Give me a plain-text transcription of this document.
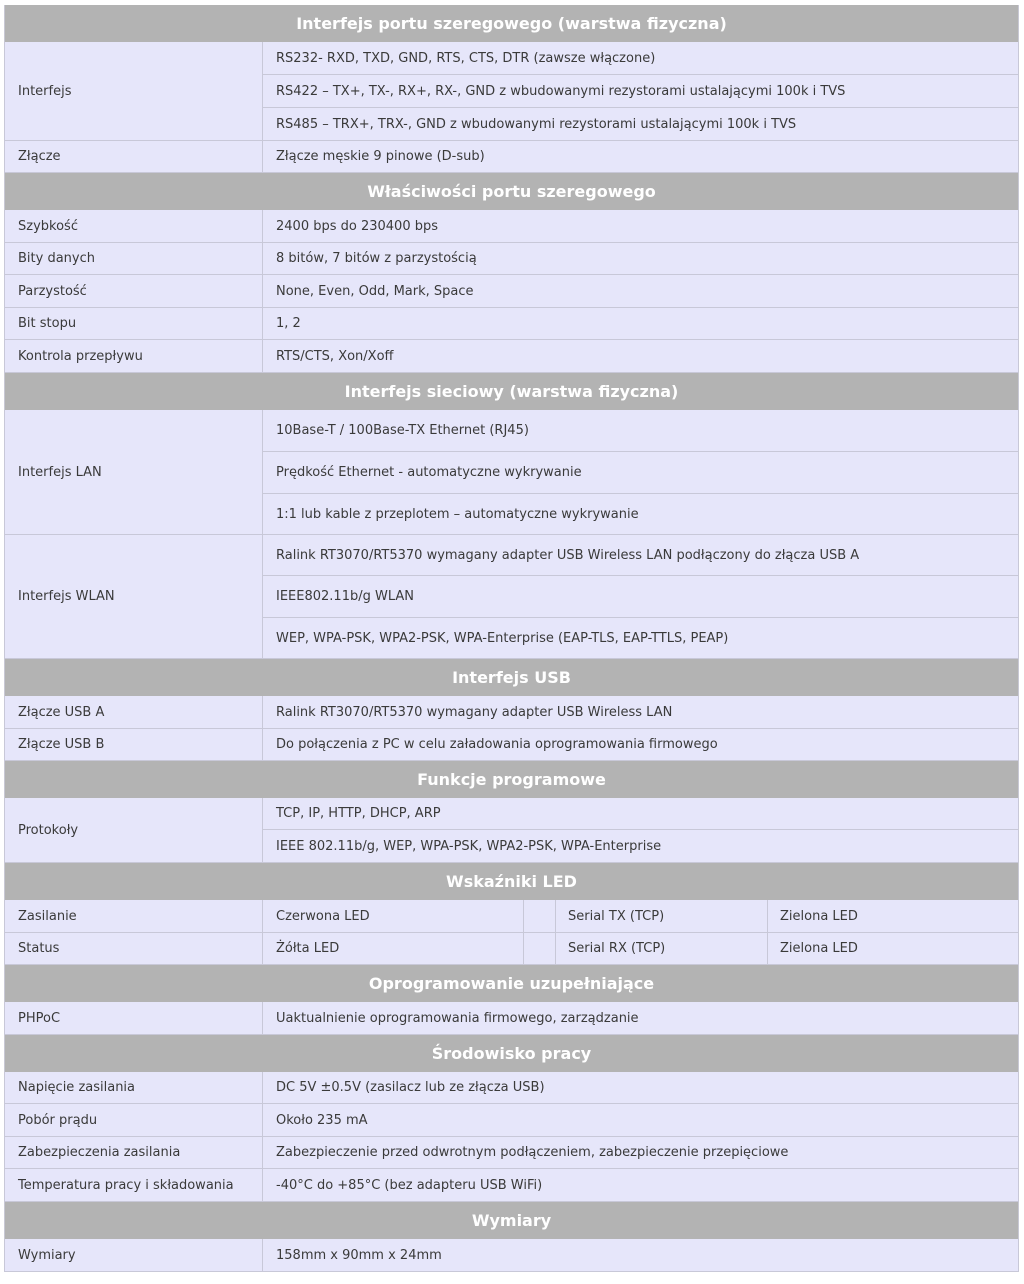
Interfejs portu szeregowego (warstwa fizyczna)
Interfejs
RS232- RXD, TXD, GND, RTS, CTS, DTR (zawsze włączone)
RS422 – TX+, TX-, RX+, RX-, GND z wbudowanymi rezystorami ustalającymi 100k i TVS
RS485 – TRX+, TRX-, GND z wbudowanymi rezystorami ustalającymi 100k i TVS
Złącze	Złącze męskie 9 pinowe (D-sub)
Właściwości portu szeregowego
Szybkość	2400 bps do 230400 bps
Bity danych	8 bitów, 7 bitów z parzystością
Parzystość	None, Even, Odd, Mark, Space
Bit stopu	1, 2
Kontrola przepływu	RTS/CTS, Xon/Xoff
Interfejs sieciowy (warstwa fizyczna)
Interfejs LAN
10Base-T / 100Base-TX Ethernet (RJ45)
Prędkość Ethernet - automatyczne wykrywanie
1:1 lub kable z przeplotem – automatyczne wykrywanie
Interfejs WLAN
Ralink RT3070/RT5370 wymagany adapter USB Wireless LAN podłączony do złącza USB A
IEEE802.11b/g WLAN
WEP, WPA-PSK, WPA2-PSK, WPA-Enterprise (EAP-TLS, EAP-TTLS, PEAP)
Interfejs USB
Złącze USB A	Ralink RT3070/RT5370 wymagany adapter USB Wireless LAN
Złącze USB B	Do połączenia z PC w celu załadowania oprogramowania firmowego
Funkcje programowe
Protokoły
TCP, IP, HTTP, DHCP, ARP
IEEE 802.11b/g, WEP, WPA-PSK, WPA2-PSK, WPA-Enterprise
Wskaźniki LED
Zasilanie	Czerwona LED	Serial TX (TCP)	Zielona LED
Status	Żółta LED	Serial RX (TCP)	Zielona LED
Oprogramowanie uzupełniające
PHPoC	Uaktualnienie oprogramowania firmowego, zarządzanie
Środowisko pracy
Napięcie zasilania	DC 5V ±0.5V (zasilacz lub ze złącza USB)
Pobór prądu	Około 235 mA
Zabezpieczenia zasilania	Zabezpieczenie przed odwrotnym podłączeniem, zabezpieczenie przepięciowe
Temperatura pracy i składowania	-40°C do +85°C (bez adapteru USB WiFi)
Wymiary
Wymiary	158mm x 90mm x 24mm
